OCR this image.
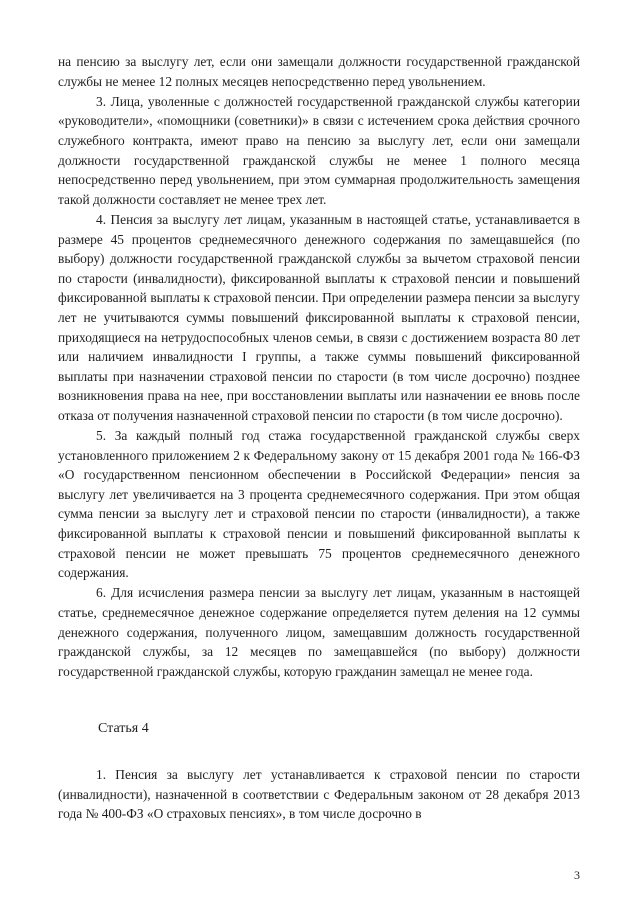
на пенсию за выслугу лет, если они замещали должности государственной гражданской службы не менее 12 полных месяцев непосредственно перед увольнением.

3. Лица, уволенные с должностей государственной гражданской службы категории «руководители», «помощники (советники)» в связи с истечением срока действия срочного служебного контракта, имеют право на пенсию за выслугу лет, если они замещали должности государственной гражданской службы не менее 1 полного месяца непосредственно перед увольнением, при этом суммарная продолжительность замещения такой должности составляет не менее трех лет.

4. Пенсия за выслугу лет лицам, указанным в настоящей статье, устанавливается в размере 45 процентов среднемесячного денежного содержания по замещавшейся (по выбору) должности государственной гражданской службы за вычетом страховой пенсии по старости (инвалидности), фиксированной выплаты к страховой пенсии и повышений фиксированной выплаты к страховой пенсии. При определении размера пенсии за выслугу лет не учитываются суммы повышений фиксированной выплаты к страховой пенсии, приходящиеся на нетрудоспособных членов семьи, в связи с достижением возраста 80 лет или наличием инвалидности I группы, а также суммы повышений фиксированной выплаты при назначении страховой пенсии по старости (в том числе досрочно) позднее возникновения права на нее, при восстановлении выплаты или назначении ее вновь после отказа от получения назначенной страховой пенсии по старости (в том числе досрочно).

5. За каждый полный год стажа государственной гражданской службы сверх установленного приложением 2 к Федеральному закону от 15 декабря 2001 года № 166-ФЗ «О государственном пенсионном обеспечении в Российской Федерации» пенсия за выслугу лет увеличивается на 3 процента среднемесячного содержания. При этом общая сумма пенсии за выслугу лет и страховой пенсии по старости (инвалидности), а также фиксированной выплаты к страховой пенсии и повышений фиксированной выплаты к страховой пенсии не может превышать 75 процентов среднемесячного денежного содержания.

6. Для исчисления размера пенсии за выслугу лет лицам, указанным в настоящей статье, среднемесячное денежное содержание определяется путем деления на 12 суммы денежного содержания, полученного лицом, замещавшим должность государственной гражданской службы, за 12 месяцев по замещавшейся (по выбору) должности государственной гражданской службы, которую гражданин замещал не менее года.

Статья 4

1. Пенсия за выслугу лет устанавливается к страховой пенсии по старости (инвалидности), назначенной в соответствии с Федеральным законом от 28 декабря 2013 года № 400-ФЗ «О страховых пенсиях», в том числе досрочно в

3
